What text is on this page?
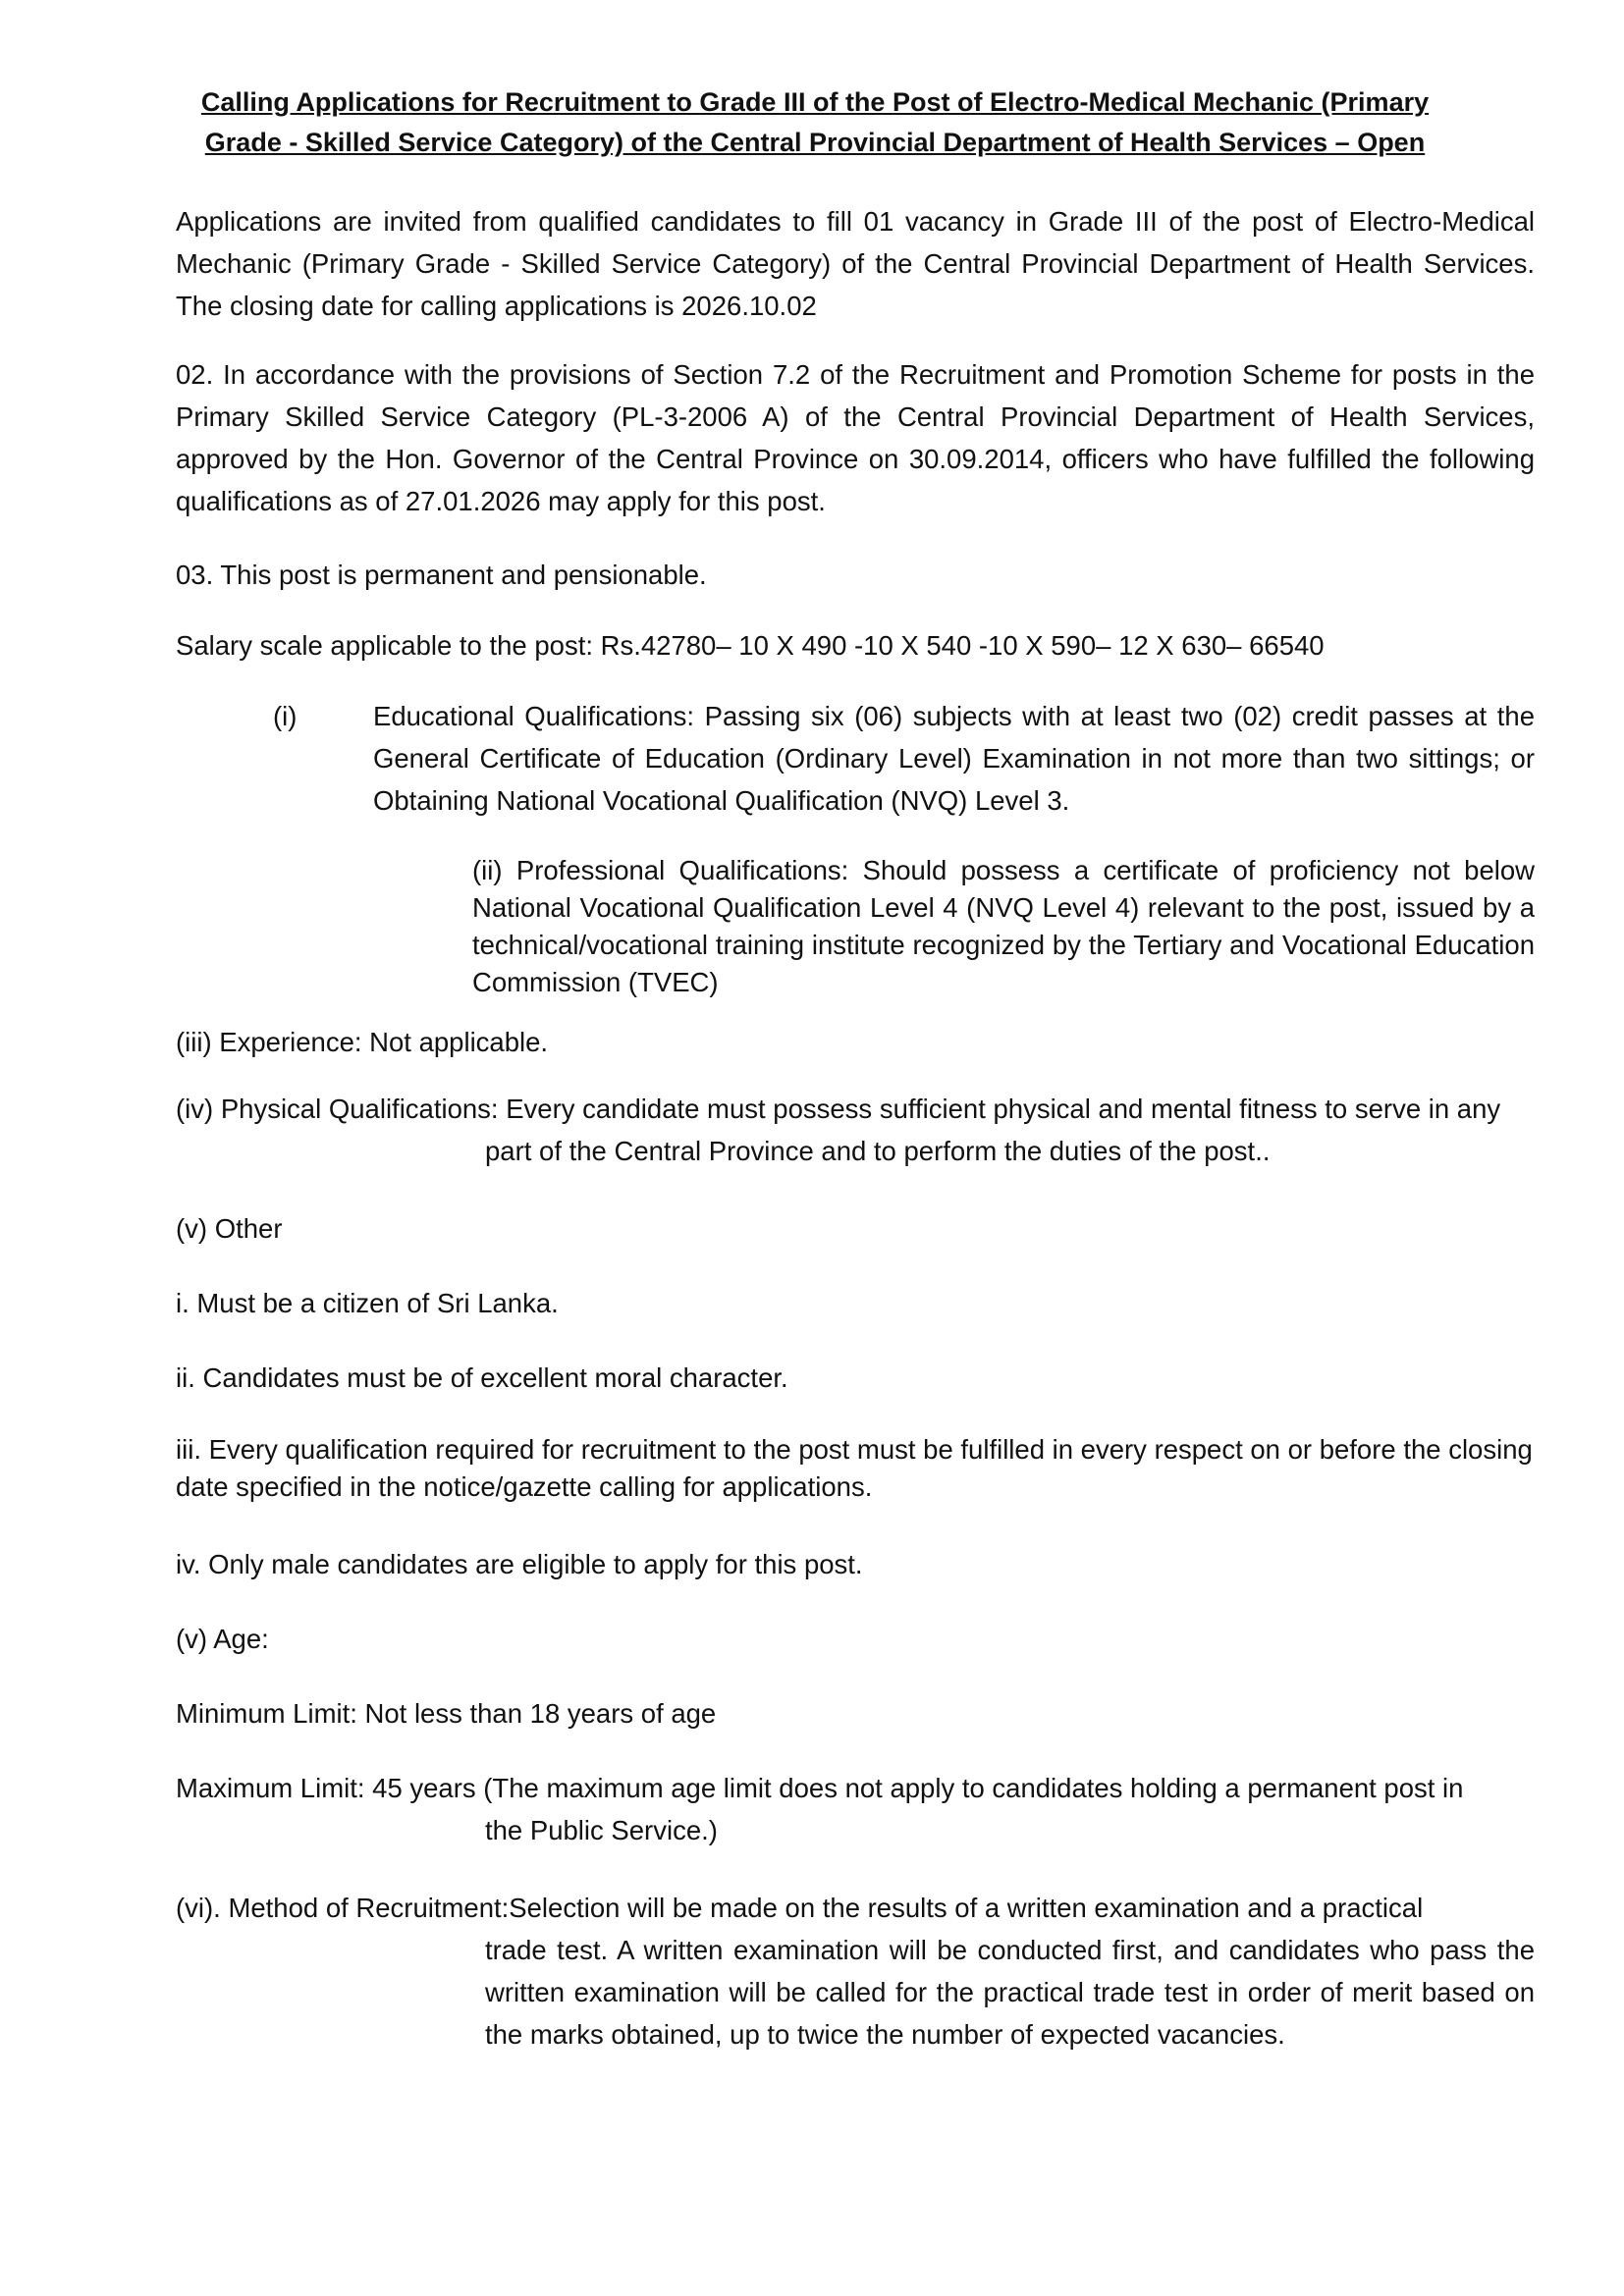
Calling Applications for Recruitment to Grade III of the Post of Electro-Medical Mechanic (Primary Grade - Skilled Service Category) of the Central Provincial Department of Health Services – Open
Applications are invited from qualified candidates to fill 01 vacancy in Grade III of the post of Electro-Medical Mechanic (Primary Grade - Skilled Service Category) of the Central Provincial Department of Health Services. The closing date for calling applications is 2026.10.02
02. In accordance with the provisions of Section 7.2 of the Recruitment and Promotion Scheme for posts in the Primary Skilled Service Category (PL-3-2006 A) of the Central Provincial Department of Health Services, approved by the Hon. Governor of the Central Province on 30.09.2014, officers who have fulfilled the following qualifications as of 27.01.2026 may apply for this post.
03. This post is permanent and pensionable.
Salary scale applicable to the post: Rs.42780– 10 X 490 -10 X 540 -10 X 590– 12 X 630– 66540
(i)	Educational Qualifications: Passing six (06) subjects with at least two (02) credit passes at the General Certificate of Education (Ordinary Level) Examination in not more than two sittings; or Obtaining National Vocational Qualification (NVQ) Level 3.
(ii) Professional Qualifications: Should possess a certificate of proficiency not below National Vocational Qualification Level 4 (NVQ Level 4) relevant to the post, issued by a technical/vocational training institute recognized by the Tertiary and Vocational Education Commission (TVEC)
(iii) Experience: Not applicable.
(iv) Physical Qualifications: Every candidate must possess sufficient physical and mental fitness to serve in any
part of the Central Province and to perform the duties of the post..
(v) Other
i. Must be a citizen of Sri Lanka.
ii. Candidates must be of excellent moral character.
iii. Every qualification required for recruitment to the post must be fulfilled in every respect on or before the closing date specified in the notice/gazette calling for applications.
iv. Only male candidates are eligible to apply for this post.
(v) Age:
Minimum Limit: Not less than 18 years of age
Maximum Limit: 45 years (The maximum age limit does not apply to candidates holding a permanent post in
the Public Service.)
(vi). Method of Recruitment:Selection will be made on the results of a written examination and a practical
trade test. A written examination will be conducted first, and candidates who pass the written examination will be called for the practical trade test in order of merit based on the marks obtained, up to twice the number of expected vacancies.
